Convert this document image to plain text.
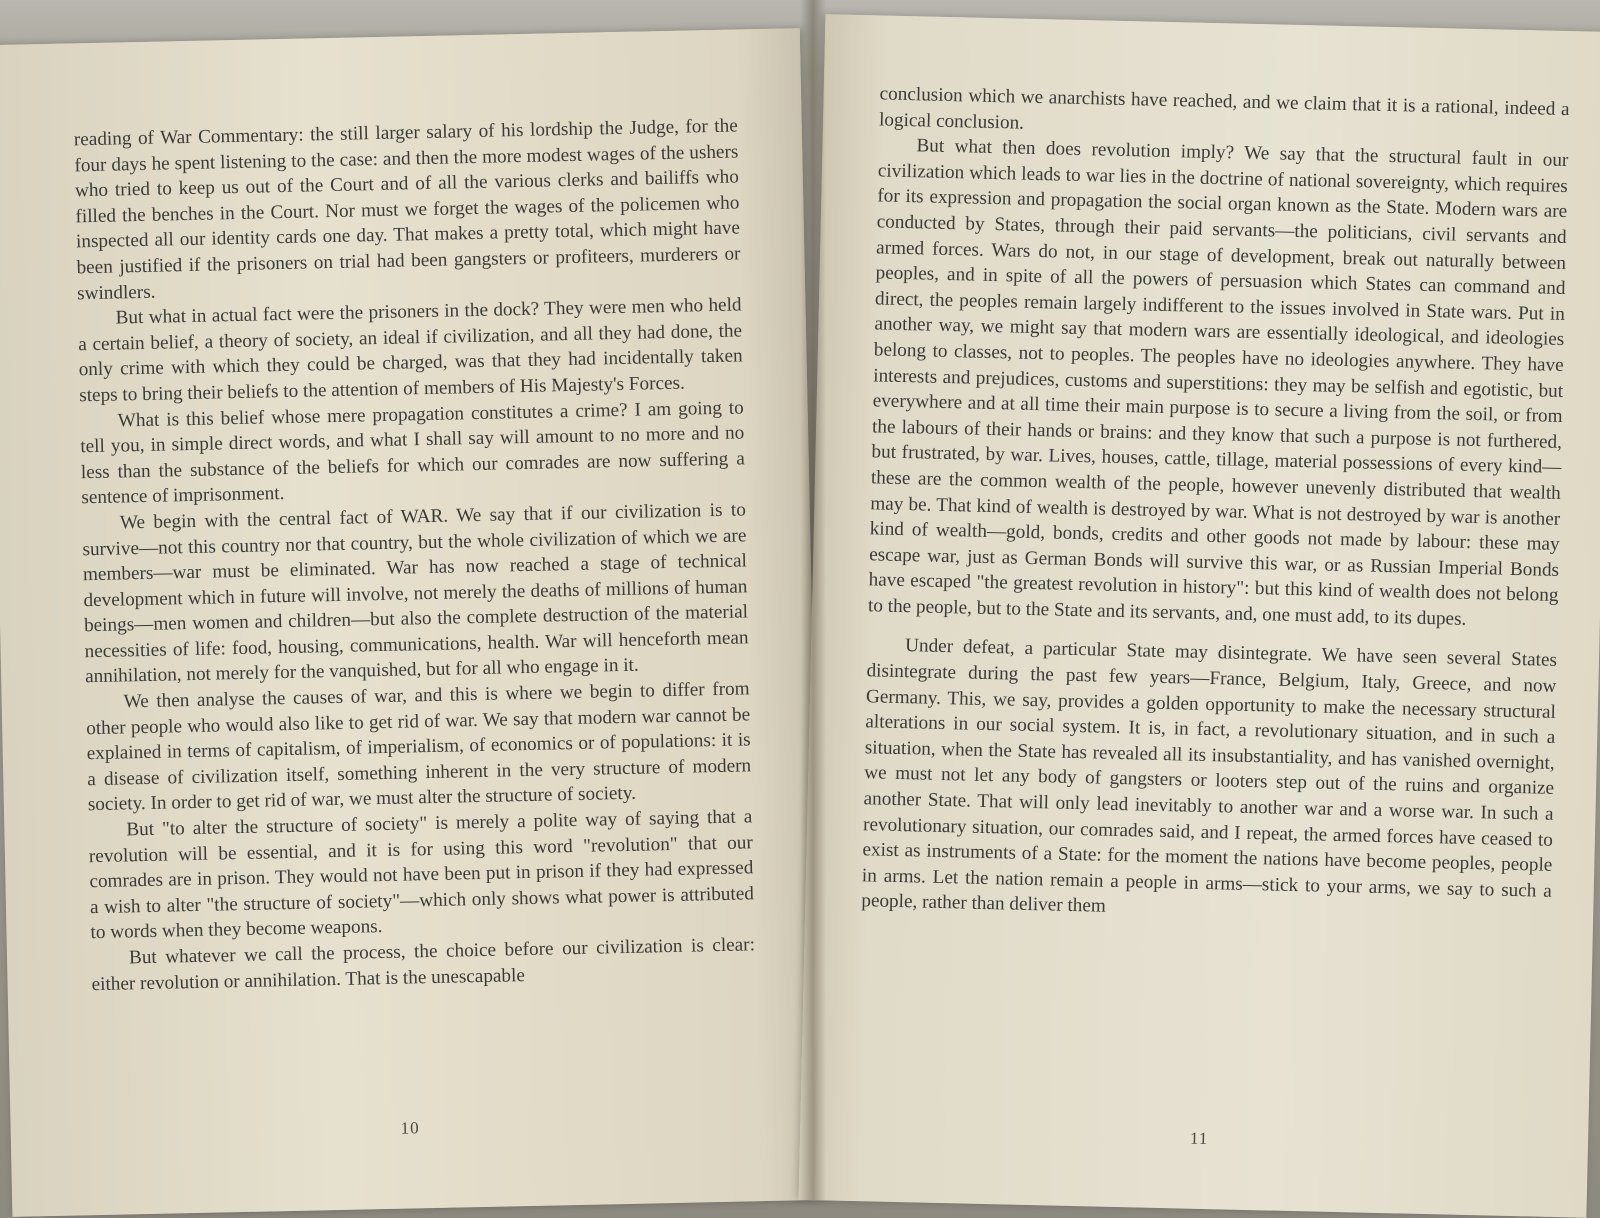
reading of War Commentary: the still larger salary of his lordship the Judge, for the four days he spent listening to the case: and then the more modest wages of the ushers who tried to keep us out of the Court and of all the various clerks and bailiffs who filled the benches in the Court. Nor must we forget the wages of the policemen who inspected all our identity cards one day. That makes a pretty total, which might have been justified if the prisoners on trial had been gangsters or profiteers, murderers or swindlers.

But what in actual fact were the prisoners in the dock? They were men who held a certain belief, a theory of society, an ideal if civilization, and all they had done, the only crime with which they could be charged, was that they had incidentally taken steps to bring their beliefs to the attention of members of His Majesty's Forces.

What is this belief whose mere propagation constitutes a crime? I am going to tell you, in simple direct words, and what I shall say will amount to no more and no less than the substance of the beliefs for which our comrades are now suffering a sentence of imprisonment.

We begin with the central fact of WAR. We say that if our civilization is to survive—not this country nor that country, but the whole civilization of which we are members—war must be eliminated. War has now reached a stage of technical development which in future will involve, not merely the deaths of millions of human beings—men women and children—but also the complete destruction of the material necessities of life: food, housing, communications, health. War will henceforth mean annihilation, not merely for the vanquished, but for all who engage in it.

We then analyse the causes of war, and this is where we begin to differ from other people who would also like to get rid of war. We say that modern war cannot be explained in terms of capitalism, of imperialism, of economics or of populations: it is a disease of civilization itself, something inherent in the very structure of modern society. In order to get rid of war, we must alter the structure of society.

But "to alter the structure of society" is merely a polite way of saying that a revolution will be essential, and it is for using this word "revolution" that our comrades are in prison. They would not have been put in prison if they had expressed a wish to alter "the structure of society"—which only shows what power is attributed to words when they become weapons.

But whatever we call the process, the choice before our civilization is clear: either revolution or annihilation. That is the unescapable

10

conclusion which we anarchists have reached, and we claim that it is a rational, indeed a logical conclusion.

But what then does revolution imply? We say that the structural fault in our civilization which leads to war lies in the doctrine of national sovereignty, which requires for its expression and propagation the social organ known as the State. Modern wars are conducted by States, through their paid servants—the politicians, civil servants and armed forces. Wars do not, in our stage of development, break out naturally between peoples, and in spite of all the powers of persuasion which States can command and direct, the peoples remain largely indifferent to the issues involved in State wars. Put in another way, we might say that modern wars are essentially ideological, and ideologies belong to classes, not to peoples. The peoples have no ideologies anywhere. They have interests and prejudices, customs and superstitions: they may be selfish and egotistic, but everywhere and at all time their main purpose is to secure a living from the soil, or from the labours of their hands or brains: and they know that such a purpose is not furthered, but frustrated, by war. Lives, houses, cattle, tillage, material possessions of every kind—these are the common wealth of the people, however unevenly distributed that wealth may be. That kind of wealth is destroyed by war. What is not destroyed by war is another kind of wealth—gold, bonds, credits and other goods not made by labour: these may escape war, just as German Bonds will survive this war, or as Russian Imperial Bonds have escaped "the greatest revolution in history": but this kind of wealth does not belong to the people, but to the State and its servants, and, one must add, to its dupes.

Under defeat, a particular State may disintegrate. We have seen several States disintegrate during the past few years—France, Belgium, Italy, Greece, and now Germany. This, we say, provides a golden opportunity to make the necessary structural alterations in our social system. It is, in fact, a revolutionary situation, and in such a situation, when the State has revealed all its insubstantiality, and has vanished overnight, we must not let any body of gangsters or looters step out of the ruins and organize another State. That will only lead inevitably to another war and a worse war. In such a revolutionary situation, our comrades said, and I repeat, the armed forces have ceased to exist as instruments of a State: for the moment the nations have become peoples, people in arms. Let the nation remain a people in arms—stick to your arms, we say to such a people, rather than deliver them

11
